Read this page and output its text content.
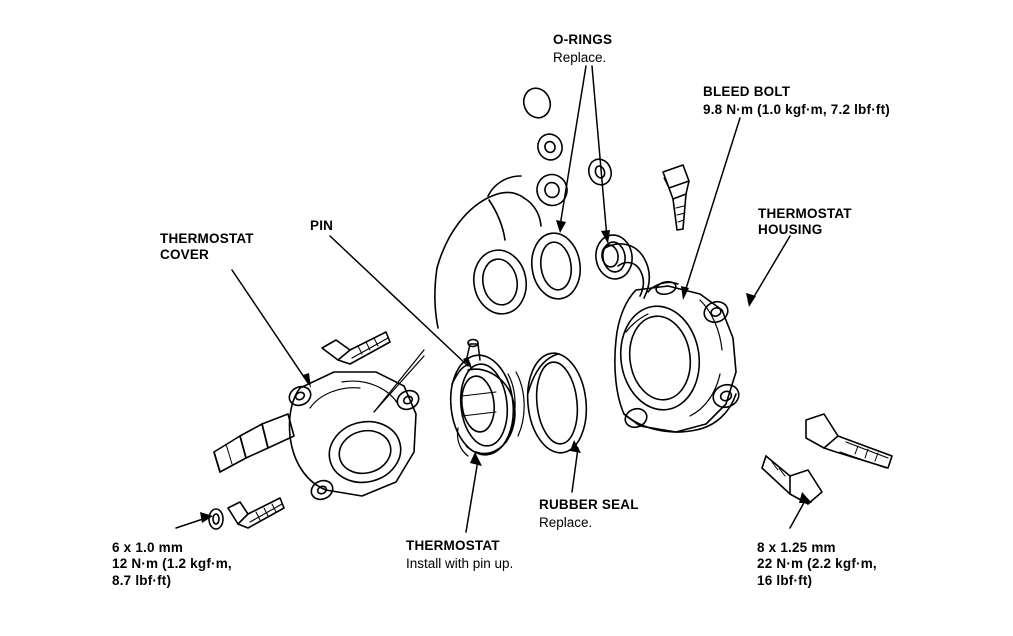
O-RINGS
Replace.
BLEED BOLT
9.8 N·m (1.0 kgf·m, 7.2 lbf·ft)
THERMOSTAT
HOUSING
PIN
THERMOSTAT
COVER
RUBBER SEAL
Replace.
THERMOSTAT
Install with pin up.
6 x 1.0 mm
12 N·m (1.2 kgf·m,
8.7 lbf·ft)
8 x 1.25 mm
22 N·m (2.2 kgf·m,
16 lbf·ft)
